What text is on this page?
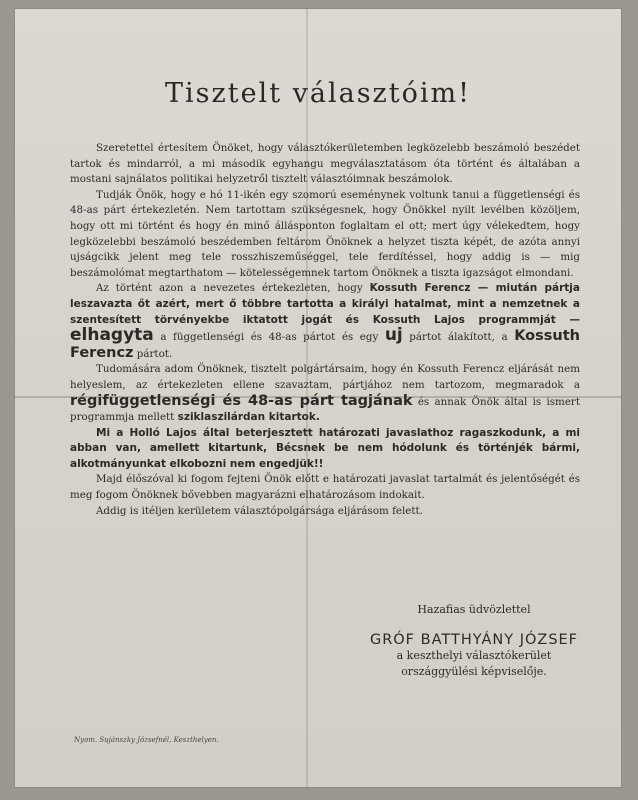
Tisztelt választóim!

Szeretettel értesítem Önöket, hogy választókerületemben legközelebb beszámoló beszédet tartok és mindarról, a mi második egyhangu megválasztatásom óta történt és általában a mostani sajnálatos politikai helyzetről tisztelt választóimnak beszámolok.

Tudják Önök, hogy e hó 11-ikén egy szomorú eseménynek voltunk tanui a függetlenségi és 48-as párt értekezletén. Nem tartottam szükségesnek, hogy Önökkel nyilt levélben közöljem, hogy ott mi történt és hogy én minő állásponton foglaltam el ott; mert úgy vélekedtem, hogy legközelebbi beszámoló beszédemben feltárom Önöknek a helyzet tiszta képét, de azóta annyi ujságcikk jelent meg tele rosszhiszeműséggel, tele ferdítéssel, hogy addig is — mig beszámolómat megtarthatom — kötelességemnek tartom Önöknek a tiszta igazságot elmondani.

Az történt azon a nevezetes értekezleten, hogy Kossuth Ferencz — miután pártja leszavazta őt azért, mert ő többre tartotta a királyi hatalmat, mint a nemzetnek a szentesített törvényekbe iktatott jogát és Kossuth Lajos programmját — elhagyta a függetlenségi és 48-as pártot és egy uj pártot álakított, a Kossuth Ferencz pártot.

Tudomására adom Önöknek, tisztelt polgártársaim, hogy én Kossuth Ferencz eljárását nem helyeslem, az értekezleten ellene szavaztam, pártjához nem tartozom, megmaradok a régifüggetlenségi és 48-as párt tagjának és annak Önök által is ismert programmja mellett sziklaszilárdan kitartok.

Mi a Holló Lajos által beterjesztett határozati javaslathoz ragaszkodunk, a mi abban van, amellett kitartunk, Bécsnek be nem hódolunk és történjék bármi, alkotmányunkat elkobozni nem engedjük!!

Majd élőszóval ki fogom fejteni Önök előtt e határozati javaslat tartalmát és jelentőségét és meg fogom Önöknek bővebben magyarázni elhatározásom indokait.

Addig is itéljen kerületem választópolgársága eljárásom felett.

Hazafias üdvözlettel
GRÓF BATTHYÁNY JÓZSEF
a keszthelyi választókerület
országgyülési képviselője.
Nyom. Sujánszky Józsefnél, Keszthelyen.
